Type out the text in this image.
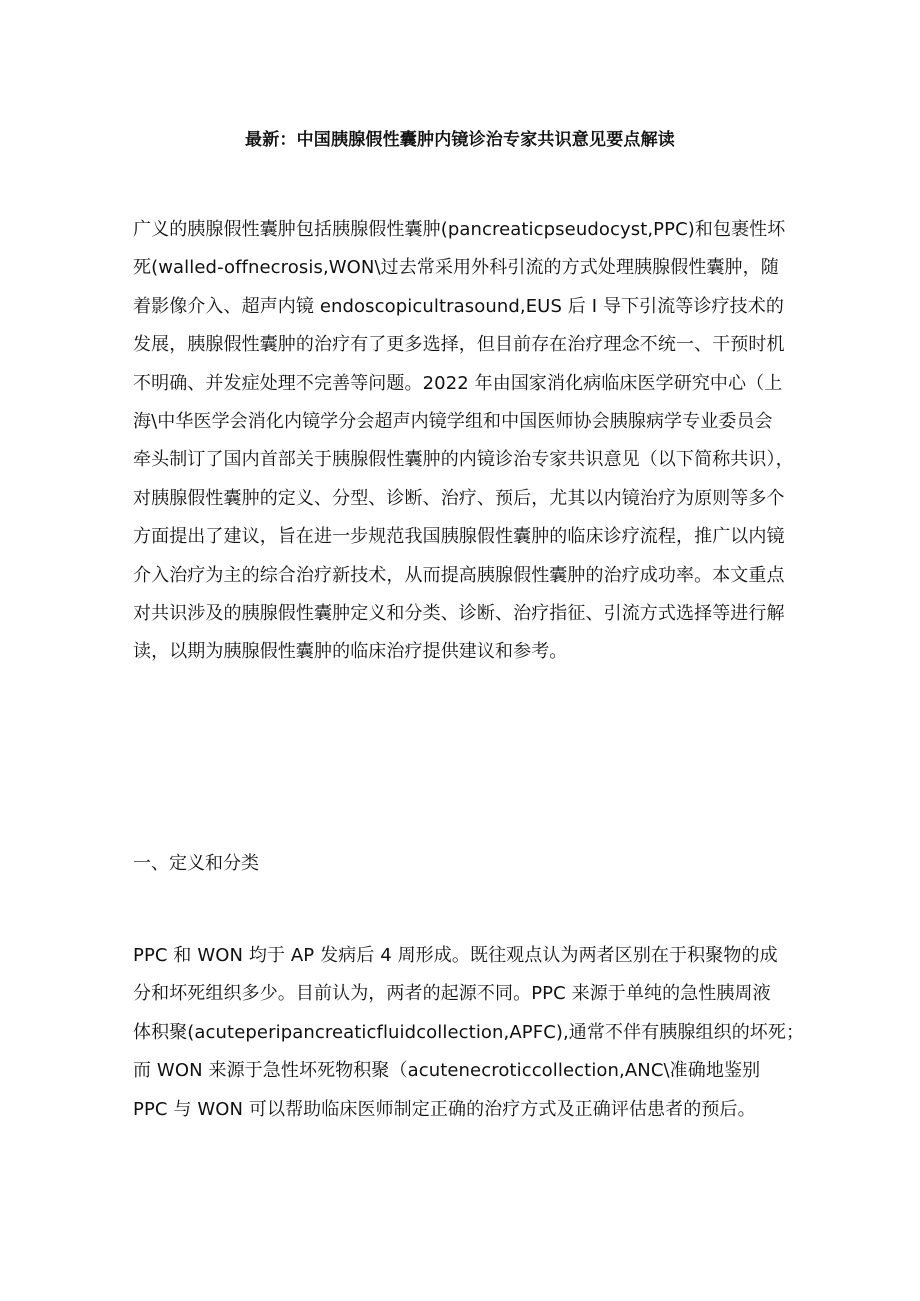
最新：中国胰腺假性囊肿内镜诊治专家共识意见要点解读
广义的胰腺假性囊肿包括胰腺假性囊肿(pancreaticpseudocyst,PPC)和包裹性坏
死(walled-offnecrosis,WON\过去常采用外科引流的方式处理胰腺假性囊肿，随
着影像介入、超声内镜 endoscopicultrasound,EUS 后 I 导下引流等诊疗技术的
发展，胰腺假性囊肿的治疗有了更多选择，但目前存在治疗理念不统一、干预时机
不明确、并发症处理不完善等问题。2022 年由国家消化病临床医学研究中心（上
海\中华医学会消化内镜学分会超声内镜学组和中国医师协会胰腺病学专业委员会
牵头制订了国内首部关于胰腺假性囊肿的内镜诊治专家共识意见（以下简称共识），
对胰腺假性囊肿的定义、分型、诊断、治疗、预后，尤其以内镜治疗为原则等多个
方面提出了建议，旨在进一步规范我国胰腺假性囊肿的临床诊疗流程，推广以内镜
介入治疗为主的综合治疗新技术，从而提高胰腺假性囊肿的治疗成功率。本文重点
对共识涉及的胰腺假性囊肿定义和分类、诊断、治疗指征、引流方式选择等进行解
读，以期为胰腺假性囊肿的临床治疗提供建议和参考。
一、定义和分类
PPC 和 WON 均于 AP 发病后 4 周形成。既往观点认为两者区别在于积聚物的成
分和坏死组织多少。目前认为，两者的起源不同。PPC 来源于单纯的急性胰周液
体积聚(acuteperipancreaticfluidcollection,APFC),通常不伴有胰腺组织的坏死；
而 WON 来源于急性坏死物积聚（acutenecroticcollection,ANC\准确地鉴别
PPC 与 WON 可以帮助临床医师制定正确的治疗方式及正确评估患者的预后。
